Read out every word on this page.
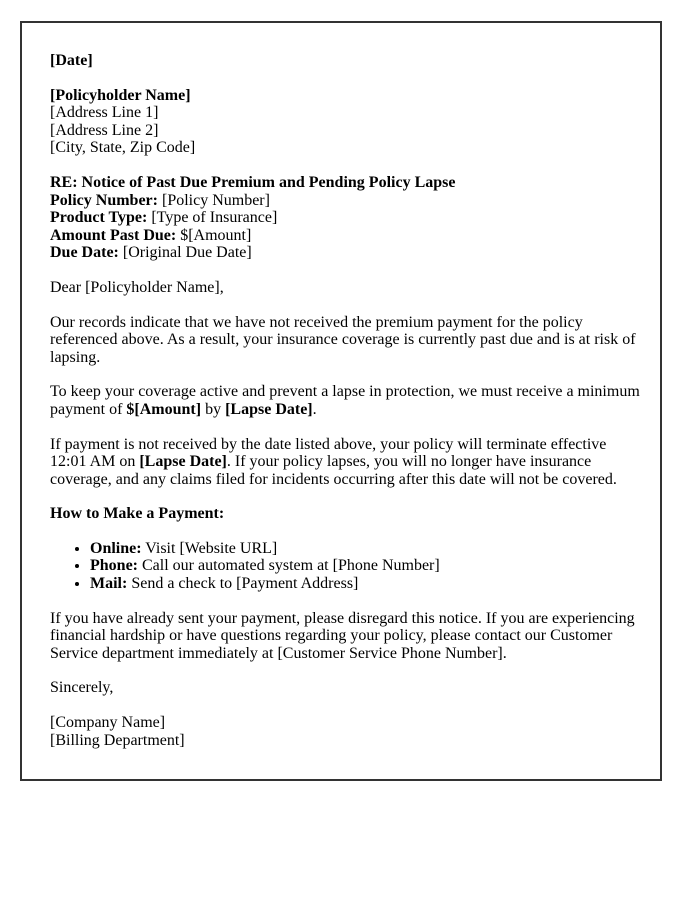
[Date]

[Policyholder Name]
[Address Line 1]
[Address Line 2]
[City, State, Zip Code]

RE: Notice of Past Due Premium and Pending Policy Lapse
Policy Number: [Policy Number]
Product Type: [Type of Insurance]
Amount Past Due: $[Amount]
Due Date: [Original Due Date]

Dear [Policyholder Name],

Our records indicate that we have not received the premium payment for the policy referenced above. As a result, your insurance coverage is currently past due and is at risk of lapsing.

To keep your coverage active and prevent a lapse in protection, we must receive a minimum payment of $[Amount] by [Lapse Date].

If payment is not received by the date listed above, your policy will terminate effective 12:01 AM on [Lapse Date]. If your policy lapses, you will no longer have insurance coverage, and any claims filed for incidents occurring after this date will not be covered.

How to Make a Payment:

• Online: Visit [Website URL]
• Phone: Call our automated system at [Phone Number]
• Mail: Send a check to [Payment Address]

If you have already sent your payment, please disregard this notice. If you are experiencing financial hardship or have questions regarding your policy, please contact our Customer Service department immediately at [Customer Service Phone Number].

Sincerely,

[Company Name]
[Billing Department]
